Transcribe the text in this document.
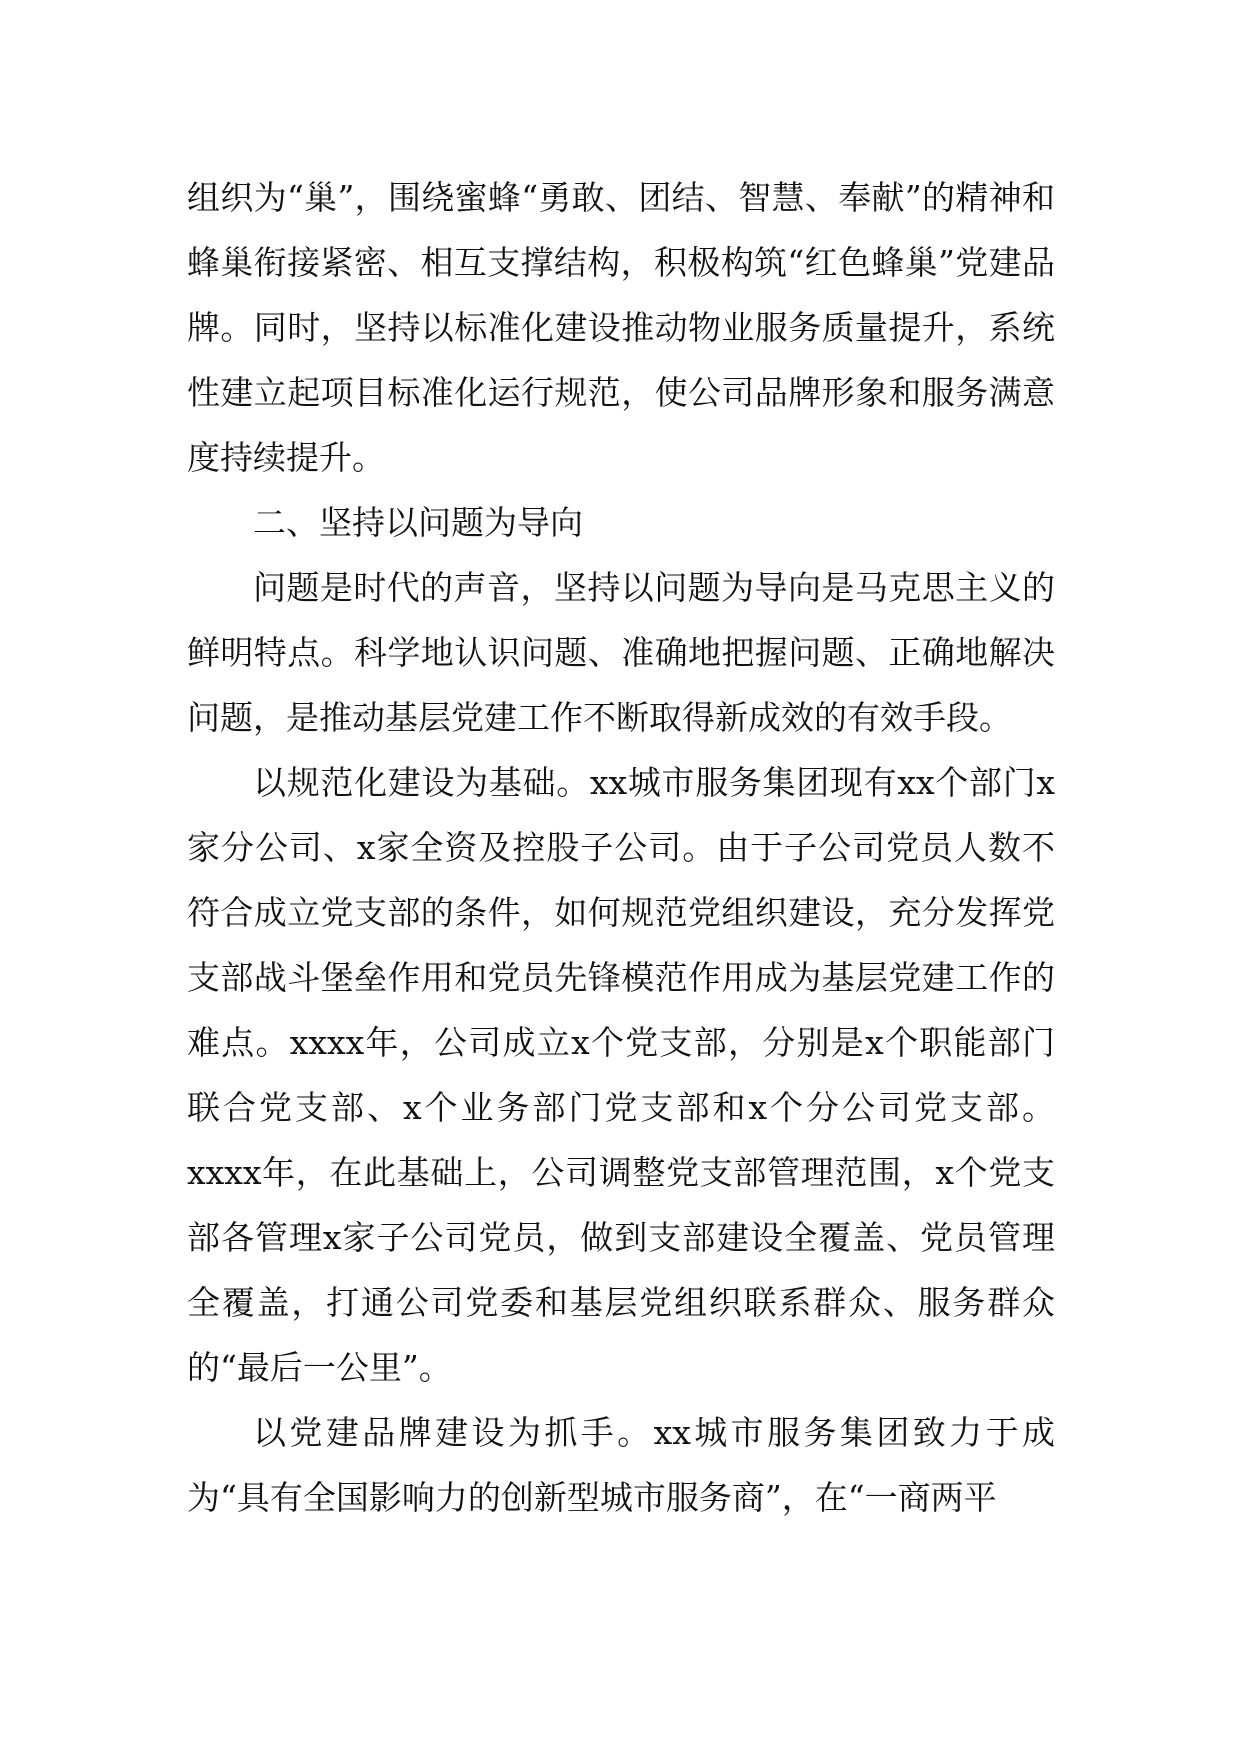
组织为“巢”，围绕蜜蜂“勇敢、团结、智慧、奉献”的精神和蜂巢衔接紧密、相互支撑结构，积极构筑“红色蜂巢”党建品牌。同时，坚持以标准化建设推动物业服务质量提升，系统性建立起项目标准化运行规范，使公司品牌形象和服务满意度持续提升。

二、坚持以问题为导向

问题是时代的声音，坚持以问题为导向是马克思主义的鲜明特点。科学地认识问题、准确地把握问题、正确地解决问题，是推动基层党建工作不断取得新成效的有效手段。

以规范化建设为基础。xx城市服务集团现有xx个部门x家分公司、x家全资及控股子公司。由于子公司党员人数不符合成立党支部的条件，如何规范党组织建设，充分发挥党支部战斗堡垒作用和党员先锋模范作用成为基层党建工作的难点。xxxx年，公司成立x个党支部，分别是x个职能部门联合党支部、x个业务部门党支部和x个分公司党支部。xxxx年，在此基础上，公司调整党支部管理范围，x个党支部各管理x家子公司党员，做到支部建设全覆盖、党员管理全覆盖，打通公司党委和基层党组织联系群众、服务群众的“最后一公里”。

以党建品牌建设为抓手。xx城市服务集团致力于成为“具有全国影响力的创新型城市服务商”，在“一商两平
